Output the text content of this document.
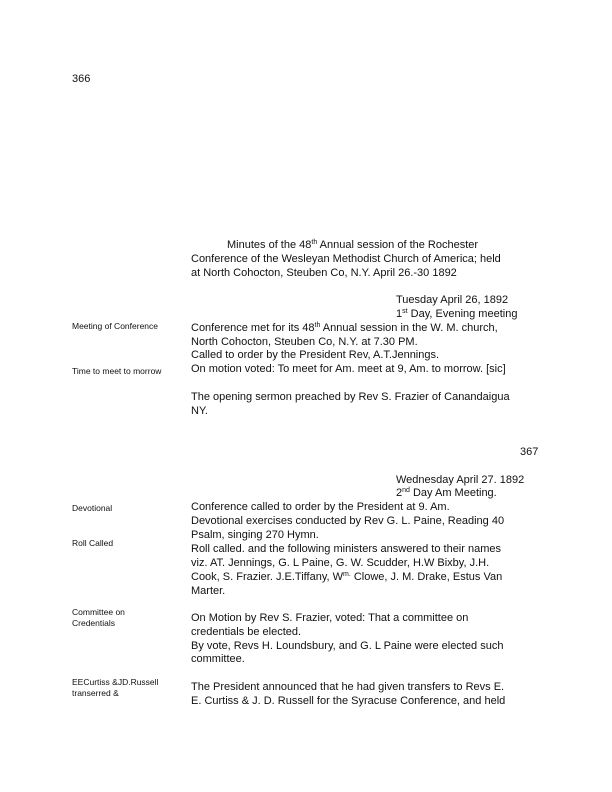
366
Minutes of the 48th Annual session of the Rochester
Conference of the Wesleyan Methodist Church of America; held
at North Cohocton, Steuben Co, N.Y. April 26.-30 1892
Tuesday April 26, 1892
1st Day, Evening meeting
Meeting of Conference	Conference met for its 48th Annual session in the W. M. church,
North Cohocton, Steuben Co, N.Y. at 7.30 PM.
Called to order by the President Rev, A.T.Jennings.
Time to meet to morrow	On motion voted: To meet for Am. meet at 9, Am. to morrow. [sic]
The opening sermon preached by Rev S. Frazier of Canandaigua
NY.
367
Wednesday April 27. 1892
2nd Day Am Meeting.
Devotional	Conference called to order by the President at 9. Am.
Devotional exercises conducted by Rev G. L. Paine, Reading 40
Psalm, singing 270 Hymn.
Roll Called	Roll called. and the following ministers answered to their names
viz. AT. Jennings, G. L Paine, G. W. Scudder, H.W Bixby, J.H.
Cook, S. Frazier. J.E.Tiffany, $W^{m.}$ Clowe, J. M. Drake, Estus Van
Marter.
Committee on
Credentials	On Motion by Rev S. Frazier, voted: That a committee on
credentials be elected.
By vote, Revs H. Loundsbury, and G. L Paine were elected such
committee.
EECurtiss &JD.Russell
transerred &	The President announced that he had given transfers to Revs E.
E. Curtiss & J. D. Russell for the Syracuse Conference, and held
